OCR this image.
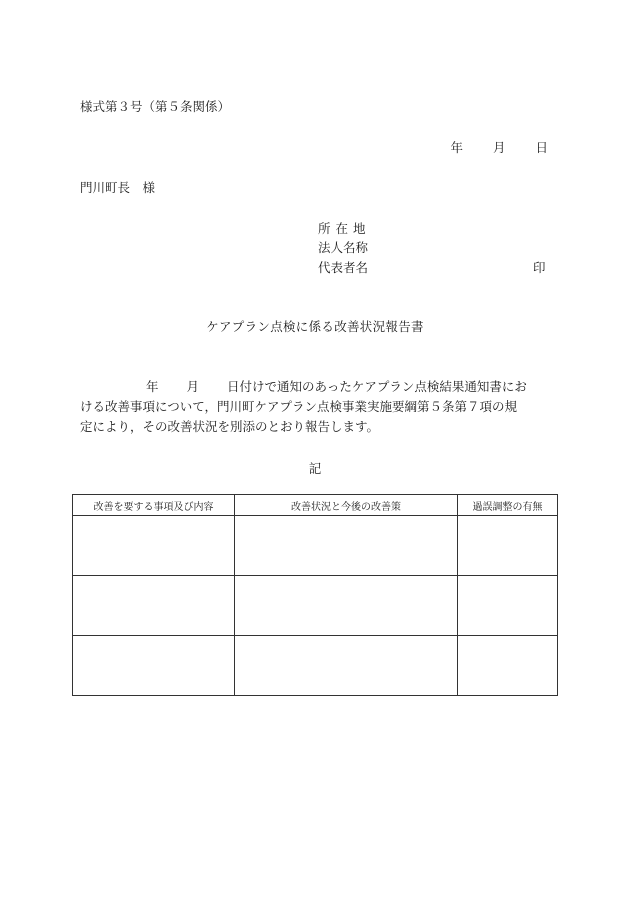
様式第３号（第５条関係）
年 月 日
門川町長　様
所在地
法人名称
代表者名	印
ケアプラン点検に係る改善状況報告書
年 月 日付けで通知のあったケアプラン点検結果通知書にお
ける改善事項について，門川町ケアプラン点検事業実施要綱第５条第７項の規
定により，その改善状況を別添のとおり報告します。
記
改善を要する事項及び内容	改善状況と今後の改善策	過誤調整の有無
